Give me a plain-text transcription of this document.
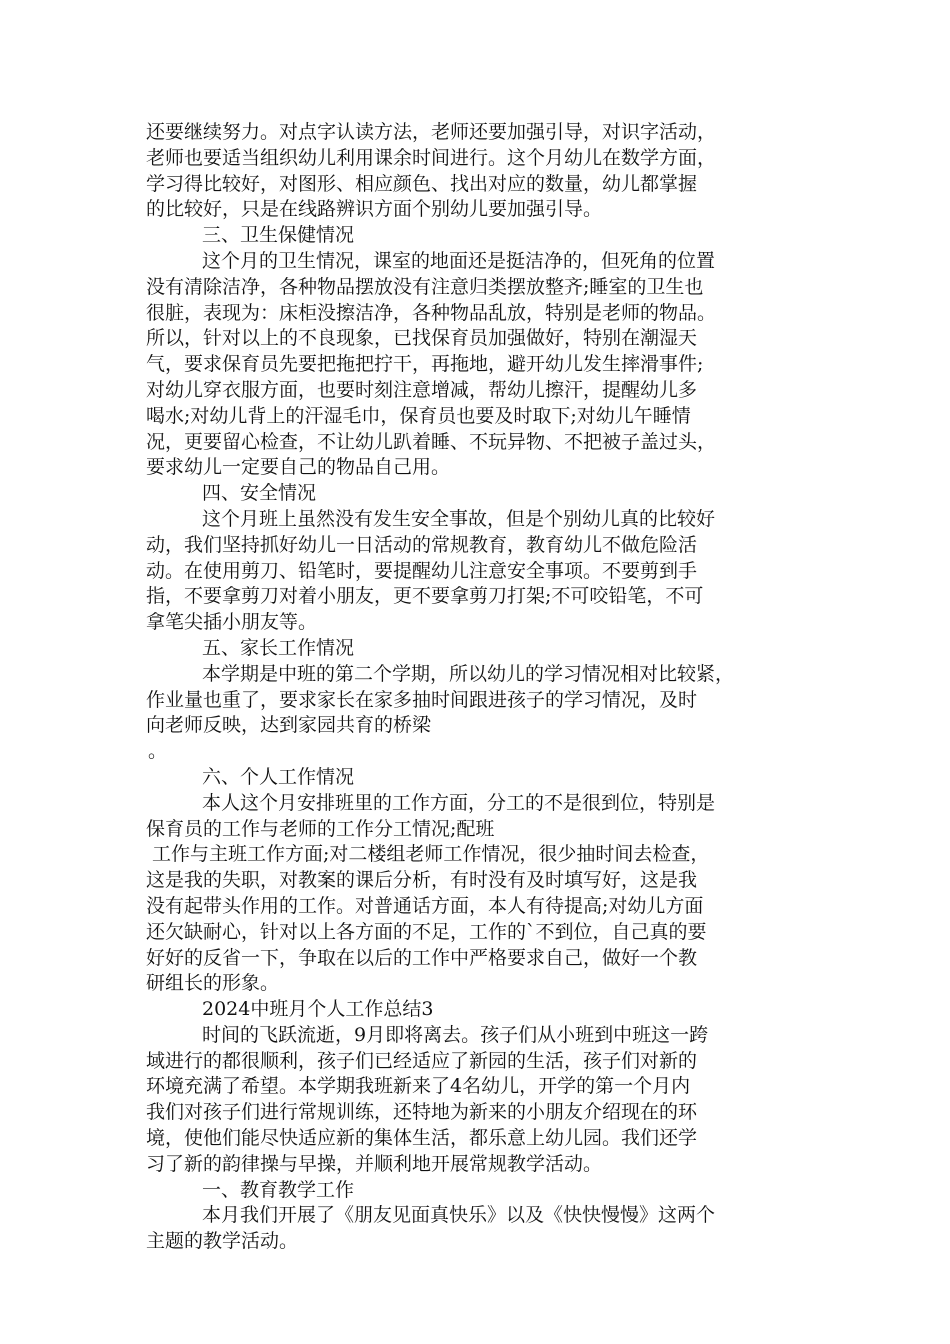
还要继续努力。对点字认读方法，老师还要加强引导，对识字活动，
老师也要适当组织幼儿利用课余时间进行。这个月幼儿在数学方面，
学习得比较好，对图形、相应颜色、找出对应的数量，幼儿都掌握
的比较好，只是在线路辨识方面个别幼儿要加强引导。
三、卫生保健情况
这个月的卫生情况，课室的地面还是挺洁净的，但死角的位置
没有清除洁净，各种物品摆放没有注意归类摆放整齐;睡室的卫生也
很脏，表现为：床柜没擦洁净，各种物品乱放，特别是老师的物品。
所以，针对以上的不良现象，已找保育员加强做好，特别在潮湿天
气，要求保育员先要把拖把拧干，再拖地，避开幼儿发生摔滑事件;
对幼儿穿衣服方面，也要时刻注意增减，帮幼儿擦汗，提醒幼儿多
喝水;对幼儿背上的汗湿毛巾，保育员也要及时取下;对幼儿午睡情
况，更要留心检查，不让幼儿趴着睡、不玩异物、不把被子盖过头，
要求幼儿一定要自己的物品自己用。
四、安全情况
这个月班上虽然没有发生安全事故，但是个别幼儿真的比较好
动，我们坚持抓好幼儿一日活动的常规教育，教育幼儿不做危险活
动。在使用剪刀、铅笔时，要提醒幼儿注意安全事项。不要剪到手
指，不要拿剪刀对着小朋友，更不要拿剪刀打架;不可咬铅笔，不可
拿笔尖插小朋友等。
五、家长工作情况
本学期是中班的第二个学期，所以幼儿的学习情况相对比较紧，
作业量也重了，要求家长在家多抽时间跟进孩子的学习情况，及时
向老师反映，达到家园共育的桥梁
。
六、个人工作情况
本人这个月安排班里的工作方面，分工的不是很到位，特别是
保育员的工作与老师的工作分工情况;配班
工作与主班工作方面;对二楼组老师工作情况，很少抽时间去检查，
这是我的失职，对教案的课后分析，有时没有及时填写好，这是我
没有起带头作用的工作。对普通话方面，本人有待提高;对幼儿方面
还欠缺耐心，针对以上各方面的不足，工作的`不到位，自己真的要
好好的反省一下，争取在以后的工作中严格要求自己，做好一个教
研组长的形象。
2024中班月个人工作总结3
时间的飞跃流逝，9月即将离去。孩子们从小班到中班这一跨
域进行的都很顺利，孩子们已经适应了新园的生活，孩子们对新的
环境充满了希望。本学期我班新来了4名幼儿，开学的第一个月内
我们对孩子们进行常规训练，还特地为新来的小朋友介绍现在的环
境，使他们能尽快适应新的集体生活，都乐意上幼儿园。我们还学
习了新的韵律操与早操，并顺利地开展常规教学活动。
一、教育教学工作
本月我们开展了《朋友见面真快乐》以及《快快慢慢》这两个
主题的教学活动。
